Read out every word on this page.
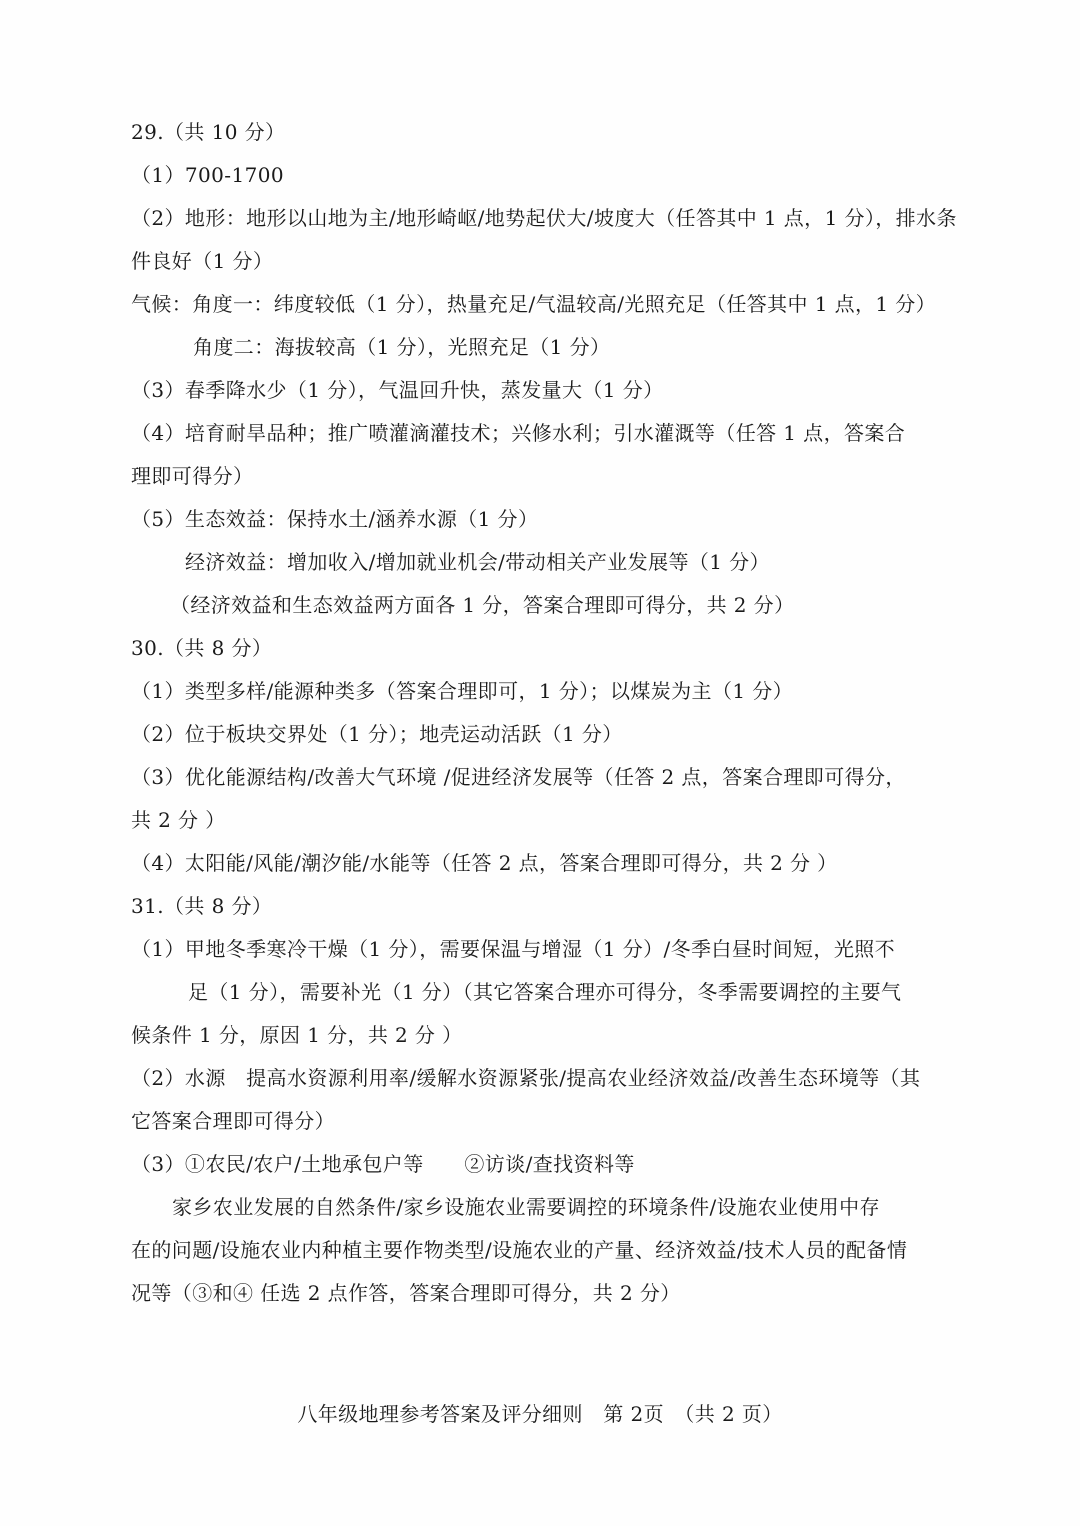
29.（共 10 分）
（1）700-1700
（2）地形：地形以山地为主/地形崎岖/地势起伏大/坡度大（任答其中 1 点，1 分），排水条
件良好（1 分）
气候：角度一：纬度较低（1 分），热量充足/气温较高/光照充足（任答其中 1 点，1 分）
角度二：海拔较高（1 分），光照充足（1 分）
（3）春季降水少（1 分），气温回升快，蒸发量大（1 分）
（4）培育耐旱品种；推广喷灌滴灌技术；兴修水利；引水灌溉等（任答 1 点，答案合
理即可得分）
（5）生态效益：保持水土/涵养水源（1 分）
经济效益：增加收入/增加就业机会/带动相关产业发展等（1 分）
（经济效益和生态效益两方面各 1 分，答案合理即可得分，共 2 分）
30.（共 8 分）
（1）类型多样/能源种类多（答案合理即可，1 分）；以煤炭为主（1 分）
（2）位于板块交界处（1 分）；地壳运动活跃（1 分）
（3）优化能源结构/改善大气环境 /促进经济发展等（任答 2 点，答案合理即可得分，
共 2 分 ）
（4）太阳能/风能/潮汐能/水能等（任答 2 点，答案合理即可得分，共 2 分 ）
31.（共 8 分）
（1）甲地冬季寒冷干燥（1 分），需要保温与增湿（1 分）/冬季白昼时间短，光照不
足（1 分），需要补光（1 分）（其它答案合理亦可得分，冬季需要调控的主要气
候条件 1 分，原因 1 分，共 2 分 ）
（2）水源　提高水资源利用率/缓解水资源紧张/提高农业经济效益/改善生态环境等（其
它答案合理即可得分）
（3）①农民/农户/土地承包户等　　②访谈/查找资料等
家乡农业发展的自然条件/家乡设施农业需要调控的环境条件/设施农业使用中存
在的问题/设施农业内种植主要作物类型/设施农业的产量、经济效益/技术人员的配备情
况等（③和④ 任选 2 点作答，答案合理即可得分，共 2 分）
八年级地理参考答案及评分细则　第 2页　（共 2 页）
